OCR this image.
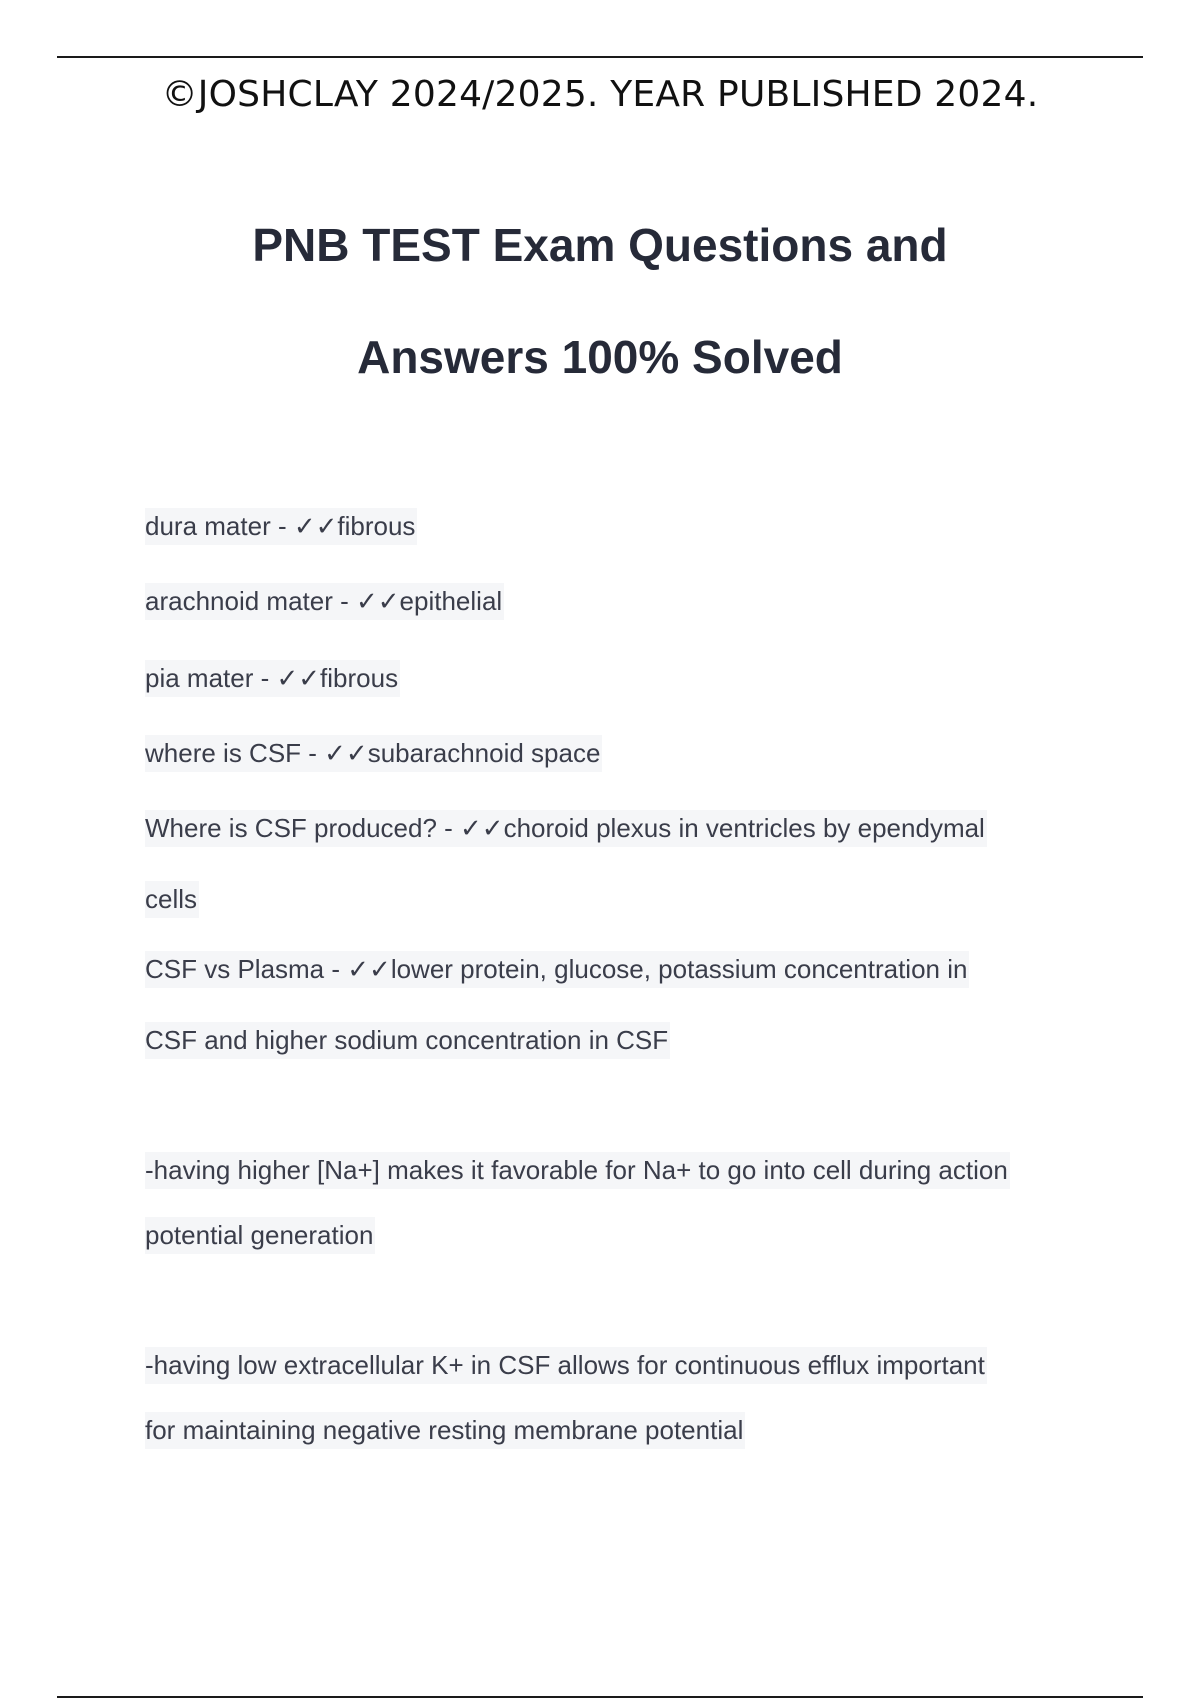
©JOSHCLAY 2024/2025. YEAR PUBLISHED 2024.
PNB TEST Exam Questions and
Answers 100% Solved
dura mater - ✓✓fibrous
arachnoid mater - ✓✓epithelial
pia mater - ✓✓fibrous
where is CSF - ✓✓subarachnoid space
Where is CSF produced? - ✓✓choroid plexus in ventricles by ependymal
cells
CSF vs Plasma - ✓✓lower protein, glucose, potassium concentration in
CSF and higher sodium concentration in CSF
-having higher [Na+] makes it favorable for Na+ to go into cell during action
potential generation
-having low extracellular K+ in CSF allows for continuous efflux important
for maintaining negative resting membrane potential
